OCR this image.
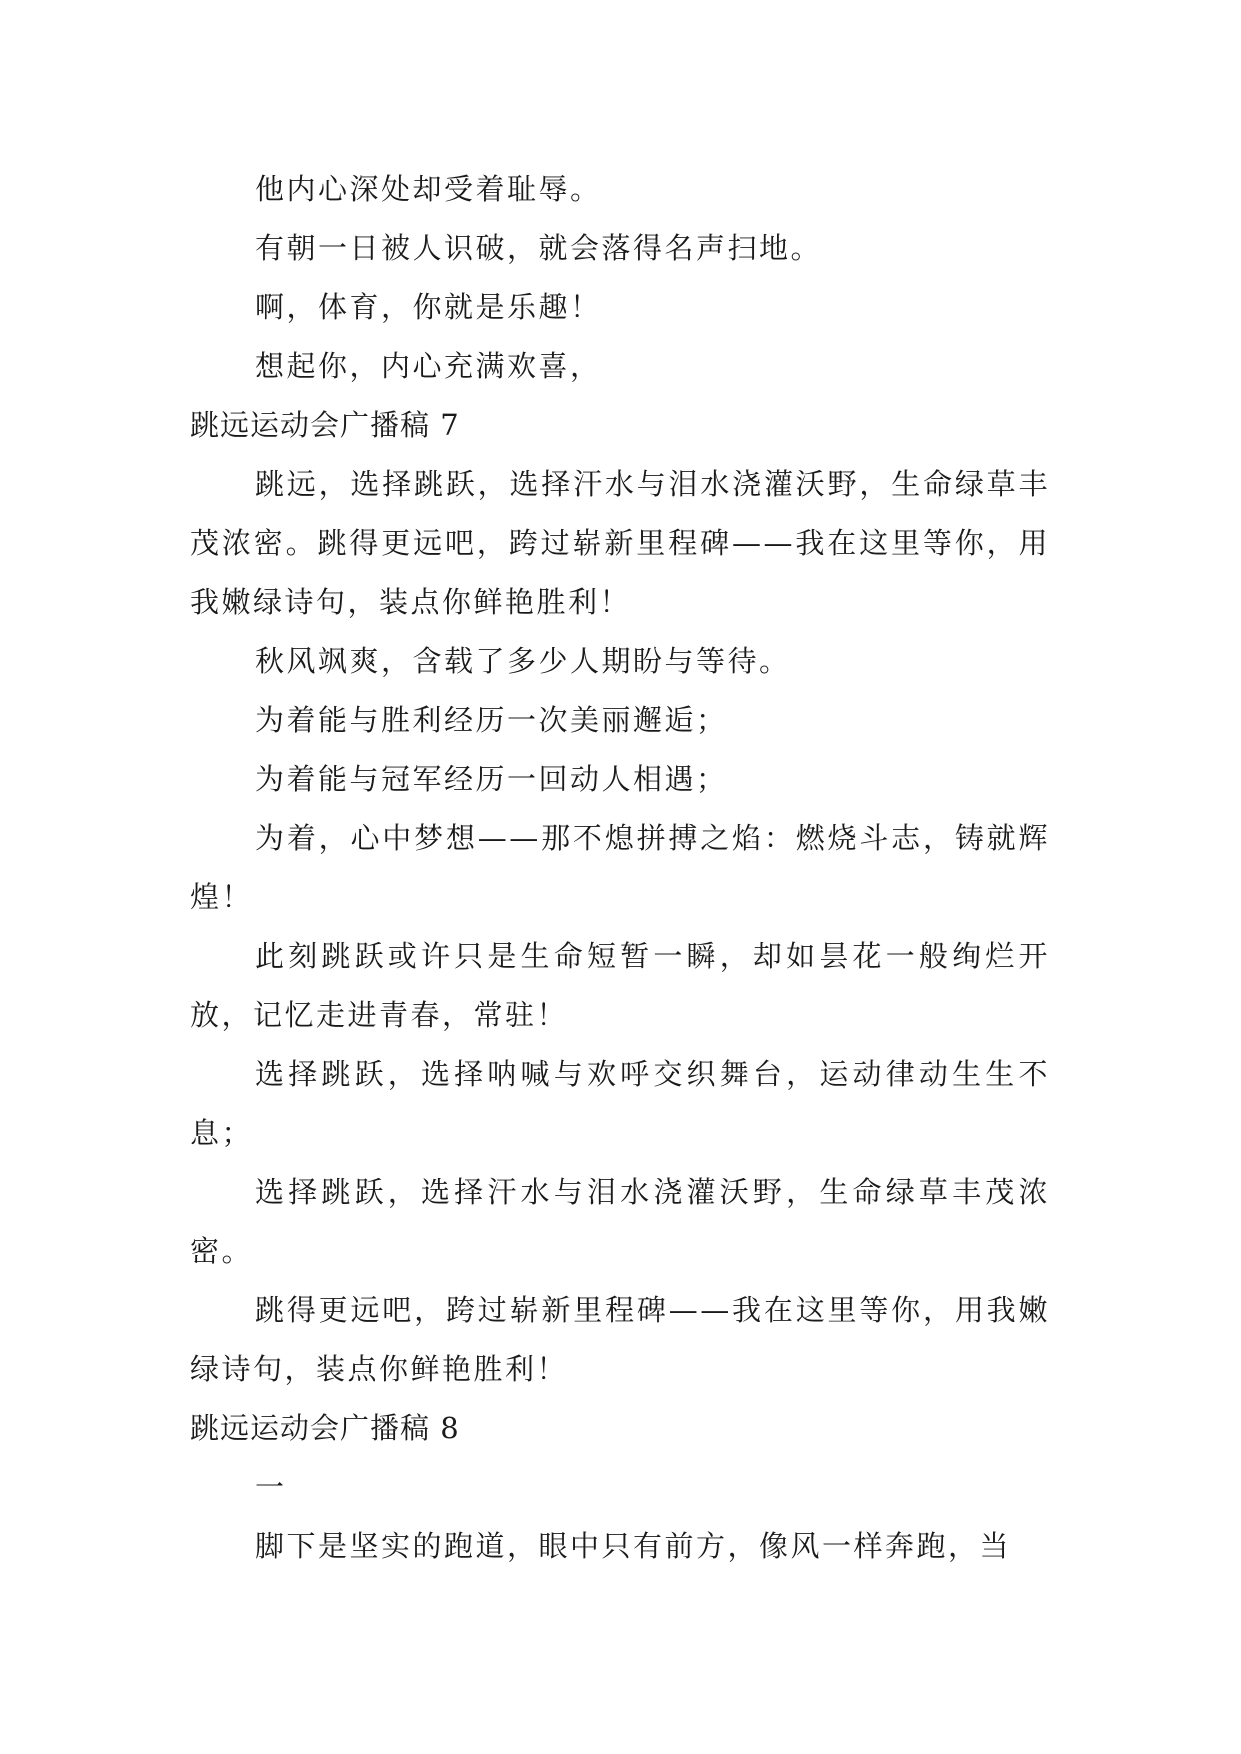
他内心深处却受着耻辱。
有朝一日被人识破，就会落得名声扫地。
啊，体育，你就是乐趣！
想起你，内心充满欢喜，
跳远运动会广播稿 7
跳远，选择跳跃，选择汗水与泪水浇灌沃野，生命绿草丰茂浓密。跳得更远吧，跨过崭新里程碑——我在这里等你，用我嫩绿诗句，装点你鲜艳胜利！
秋风飒爽，含载了多少人期盼与等待。
为着能与胜利经历一次美丽邂逅；
为着能与冠军经历一回动人相遇；
为着，心中梦想——那不熄拼搏之焰：燃烧斗志，铸就辉煌！
此刻跳跃或许只是生命短暂一瞬，却如昙花一般绚烂开放，记忆走进青春，常驻！
选择跳跃，选择呐喊与欢呼交织舞台，运动律动生生不息；
选择跳跃，选择汗水与泪水浇灌沃野，生命绿草丰茂浓密。
跳得更远吧，跨过崭新里程碑——我在这里等你，用我嫩绿诗句，装点你鲜艳胜利！
跳远运动会广播稿 8
一
脚下是坚实的跑道，眼中只有前方，像风一样奔跑，当
